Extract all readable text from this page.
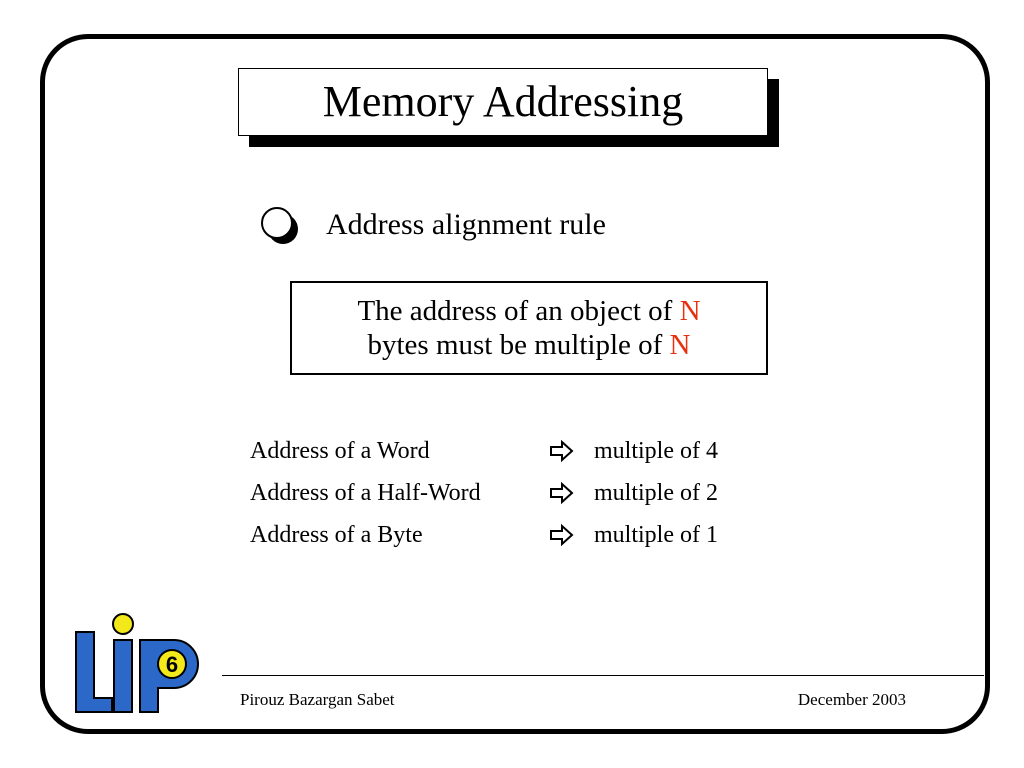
Memory Addressing
Address alignment rule
The address of an object of N
bytes must be multiple of N
Address of a Word	multiple of 4
Address of a Half-Word	multiple of 2
Address of a Byte	multiple of 1
6
Pirouz Bazargan Sabet	December 2003
